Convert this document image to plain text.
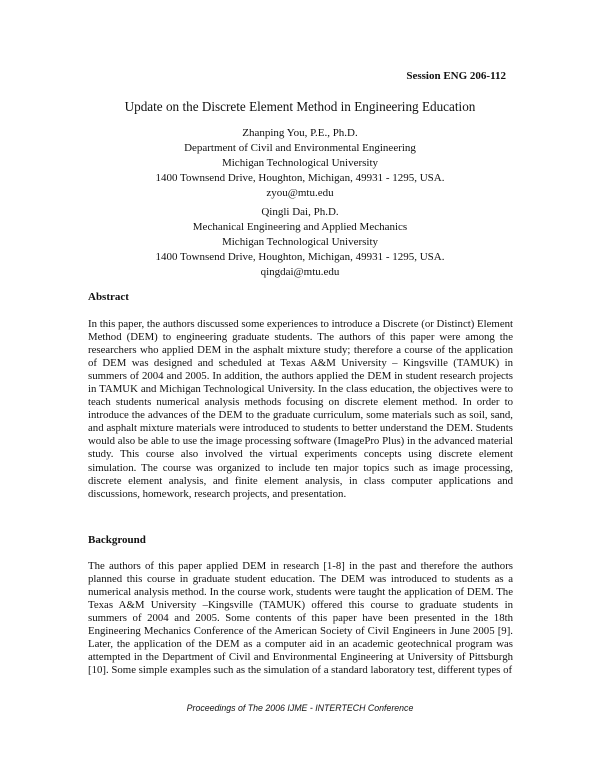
Session ENG 206-112
Update on the Discrete Element Method in Engineering Education
Zhanping You, P.E., Ph.D.
Department of Civil and Environmental Engineering
Michigan Technological University
1400 Townsend Drive, Houghton, Michigan, 49931 - 1295, USA.
zyou@mtu.edu
Qingli Dai, Ph.D.
Mechanical Engineering and Applied Mechanics
Michigan Technological University
1400 Townsend Drive, Houghton, Michigan, 49931 - 1295, USA.
qingdai@mtu.edu
Abstract
In this paper, the authors discussed some experiences to introduce a Discrete (or Distinct) Element Method (DEM) to engineering graduate students. The authors of this paper were among the researchers who applied DEM in the asphalt mixture study; therefore a course of the application of DEM was designed and scheduled at Texas A&M University – Kingsville (TAMUK) in summers of 2004 and 2005. In addition, the authors applied the DEM in student research projects in TAMUK and Michigan Technological University. In the class education, the objectives were to teach students numerical analysis methods focusing on discrete element method. In order to introduce the advances of the DEM to the graduate curriculum, some materials such as soil, sand, and asphalt mixture materials were introduced to students to better understand the DEM. Students would also be able to use the image processing software (ImagePro Plus) in the advanced material study. This course also involved the virtual experiments concepts using discrete element simulation. The course was organized to include ten major topics such as image processing, discrete element analysis, and finite element analysis, in class computer applications and discussions, homework, research projects, and presentation.
Background
The authors of this paper applied DEM in research [1-8] in the past and therefore the authors planned this course in graduate student education. The DEM was introduced to students as a numerical analysis method. In the course work, students were taught the application of DEM. The Texas A&M University –Kingsville (TAMUK) offered this course to graduate students in summers of 2004 and 2005. Some contents of this paper have been presented in the 18th Engineering Mechanics Conference of the American Society of Civil Engineers in June 2005 [9]. Later, the application of the DEM as a computer aid in an academic geotechnical program was attempted in the Department of Civil and Environmental Engineering at University of Pittsburgh [10]. Some simple examples such as the simulation of a standard laboratory test, different types of
Proceedings of The 2006 IJME - INTERTECH Conference
